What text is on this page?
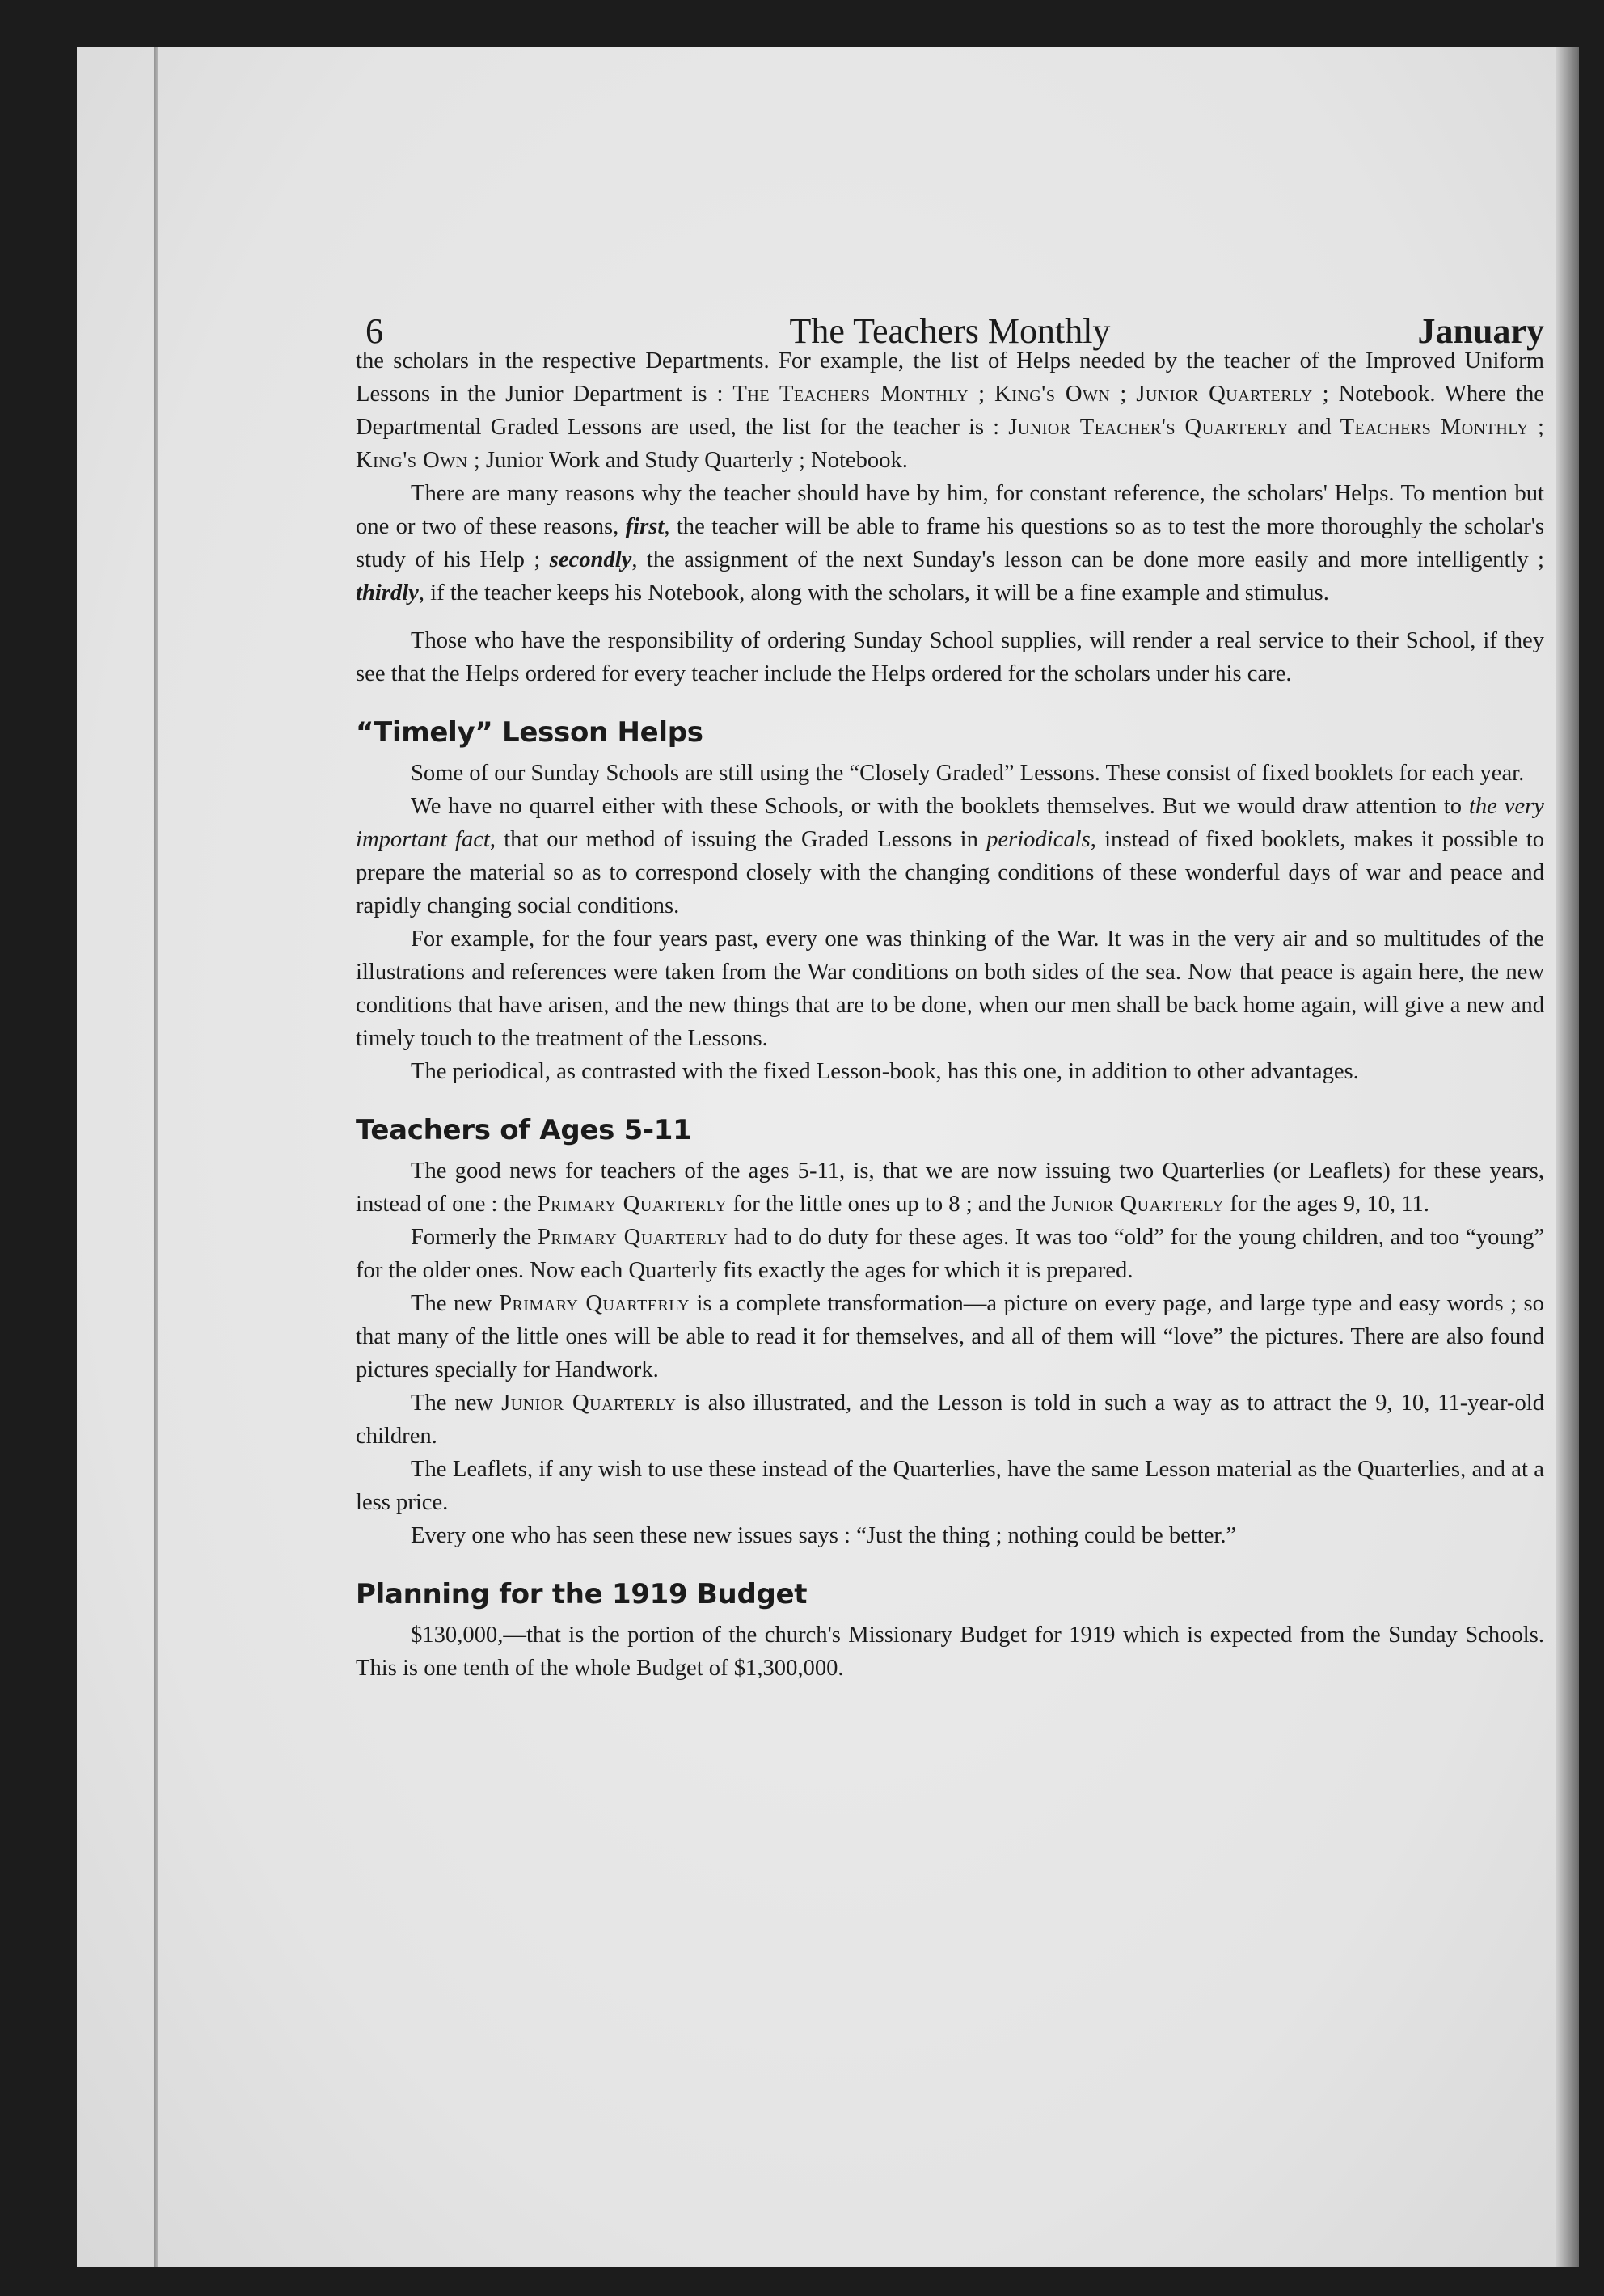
6	The Teachers Monthly	January

the scholars in the respective Departments. For example, the list of Helps needed by the teacher of the Improved Uniform Lessons in the Junior Department is : The Teachers Monthly ; King's Own ; Junior Quarterly ; Notebook. Where the Departmental Graded Lessons are used, the list for the teacher is : Junior Teacher's Quarterly and Teachers Monthly ; King's Own ; Junior Work and Study Quarterly ; Notebook.

There are many reasons why the teacher should have by him, for constant reference, the scholars' Helps. To mention but one or two of these reasons, first, the teacher will be able to frame his questions so as to test the more thoroughly the scholar's study of his Help ; secondly, the assignment of the next Sunday's lesson can be done more easily and more intelligently ; thirdly, if the teacher keeps his Notebook, along with the scholars, it will be a fine example and stimulus.

Those who have the responsibility of ordering Sunday School supplies, will render a real service to their School, if they see that the Helps ordered for every teacher include the Helps ordered for the scholars under his care.

“Timely” Lesson Helps

Some of our Sunday Schools are still using the “Closely Graded” Lessons. These consist of fixed booklets for each year.

We have no quarrel either with these Schools, or with the booklets themselves. But we would draw attention to the very important fact, that our method of issuing the Graded Lessons in periodicals, instead of fixed booklets, makes it possible to prepare the material so as to correspond closely with the changing conditions of these wonderful days of war and peace and rapidly changing social conditions.

For example, for the four years past, every one was thinking of the War. It was in the very air and so multitudes of the illustrations and references were taken from the War conditions on both sides of the sea. Now that peace is again here, the new conditions that have arisen, and the new things that are to be done, when our men shall be back home again, will give a new and timely touch to the treatment of the Lessons.

The periodical, as contrasted with the fixed Lesson-book, has this one, in addition to other advantages.

Teachers of Ages 5-11

The good news for teachers of the ages 5-11, is, that we are now issuing two Quarterlies (or Leaflets) for these years, instead of one : the Primary Quarterly for the little ones up to 8 ; and the Junior Quarterly for the ages 9, 10, 11.

Formerly the Primary Quarterly had to do duty for these ages. It was too “old” for the young children, and too “young” for the older ones. Now each Quarterly fits exactly the ages for which it is prepared.

The new Primary Quarterly is a complete transformation—a picture on every page, and large type and easy words ; so that many of the little ones will be able to read it for themselves, and all of them will “love” the pictures. There are also found pictures specially for Handwork.

The new Junior Quarterly is also illustrated, and the Lesson is told in such a way as to attract the 9, 10, 11-year-old children.

The Leaflets, if any wish to use these instead of the Quarterlies, have the same Lesson material as the Quarterlies, and at a less price.

Every one who has seen these new issues says : “Just the thing ; nothing could be better.”

Planning for the 1919 Budget

$130,000,—that is the portion of the church's Missionary Budget for 1919 which is expected from the Sunday Schools. This is one tenth of the whole Budget of $1,300,000.
